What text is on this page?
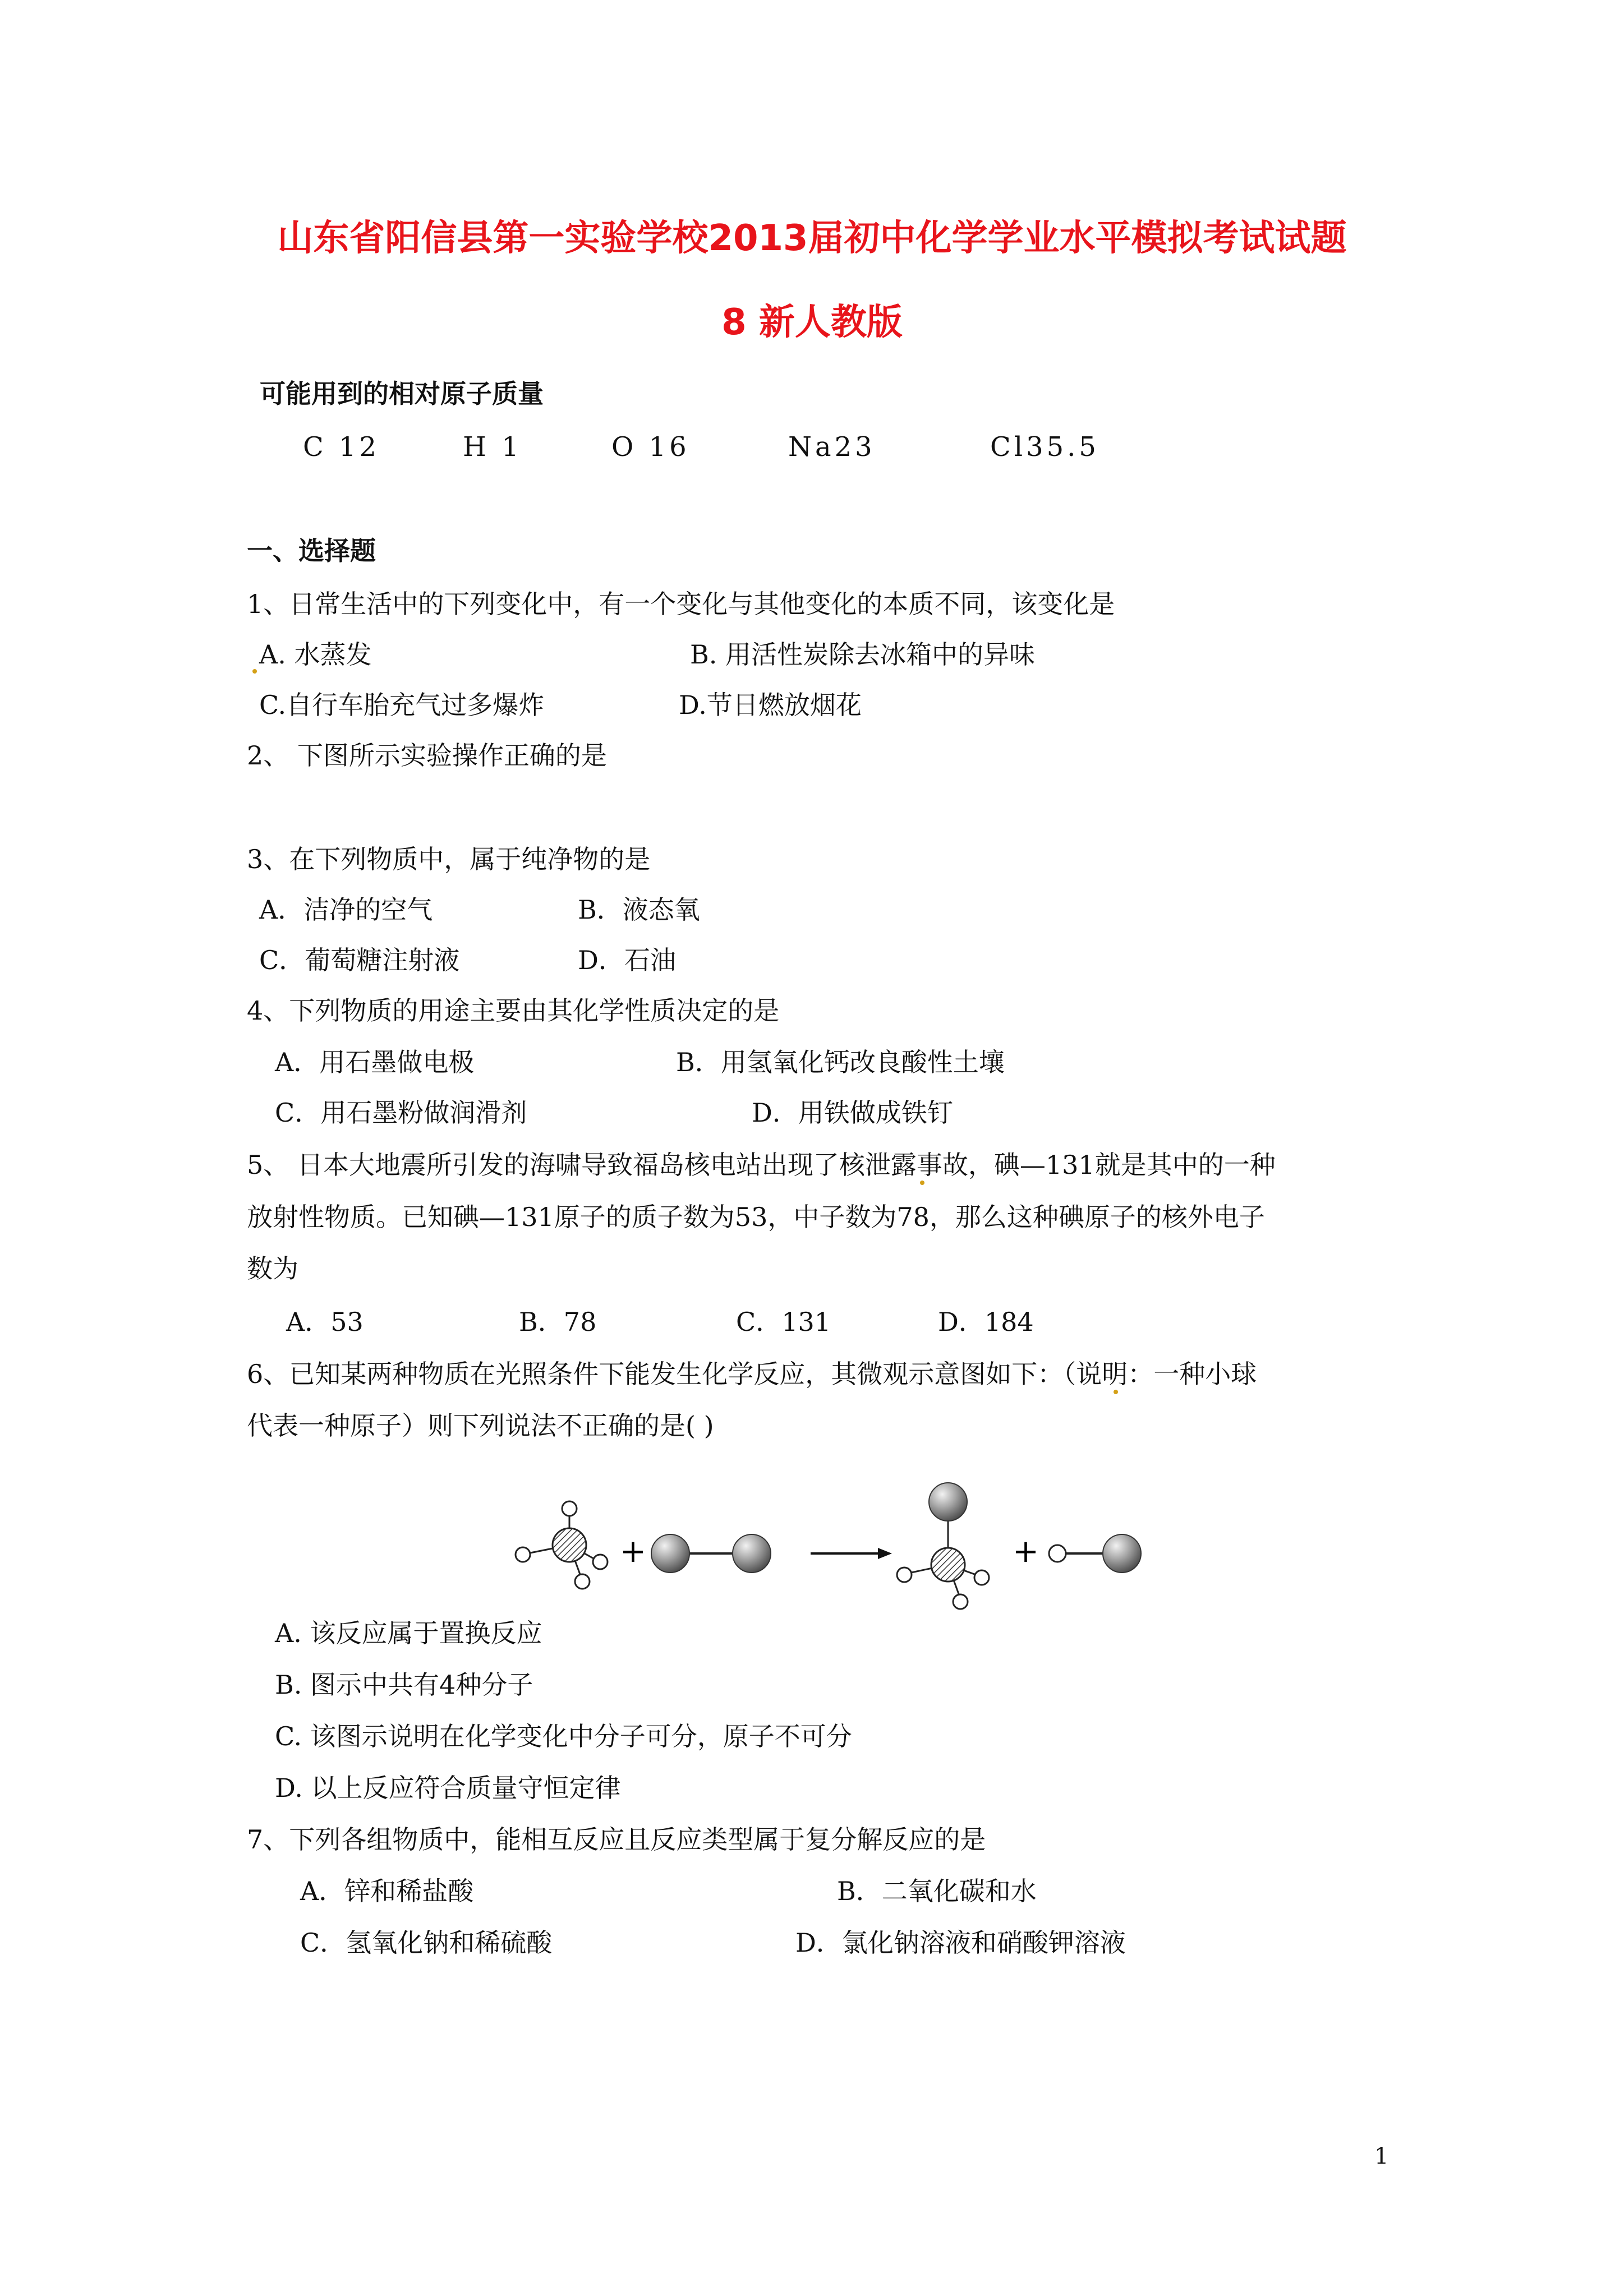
山东省阳信县第一实验学校2013届初中化学学业水平模拟考试试题
8 新人教版
可能用到的相对原子质量
C 12	H 1	O 16	Na23	Cl35.5
一、选择题
1、日常生活中的下列变化中，有一个变化与其他变化的本质不同，该变化是
A. 水蒸发	B. 用活性炭除去冰箱中的异味
C.自行车胎充气过多爆炸	D.节日燃放烟花
2、 下图所示实验操作正确的是
3、在下列物质中，属于纯净物的是
A．洁净的空气	B．液态氧
C．葡萄糖注射液	D．石油
4、下列物质的用途主要由其化学性质决定的是
A．用石墨做电极	B．用氢氧化钙改良酸性土壤
C．用石墨粉做润滑剂	D．用铁做成铁钉
5、 日本大地震所引发的海啸导致福岛核电站出现了核泄露事故，碘—131就是其中的一种
放射性物质。已知碘—131原子的质子数为53，中子数为78，那么这种碘原子的核外电子
数为
A．53	B．78	C．131	D．184
6、已知某两种物质在光照条件下能发生化学反应，其微观示意图如下：（说明：一种小球
代表一种原子）则下列说法不正确的是( )
+	+
A. 该反应属于置换反应
B. 图示中共有4种分子
C. 该图示说明在化学变化中分子可分，原子不可分
D. 以上反应符合质量守恒定律
7、下列各组物质中，能相互反应且反应类型属于复分解反应的是
A．锌和稀盐酸	B．二氧化碳和水
C．氢氧化钠和稀硫酸	D．氯化钠溶液和硝酸钾溶液
1
